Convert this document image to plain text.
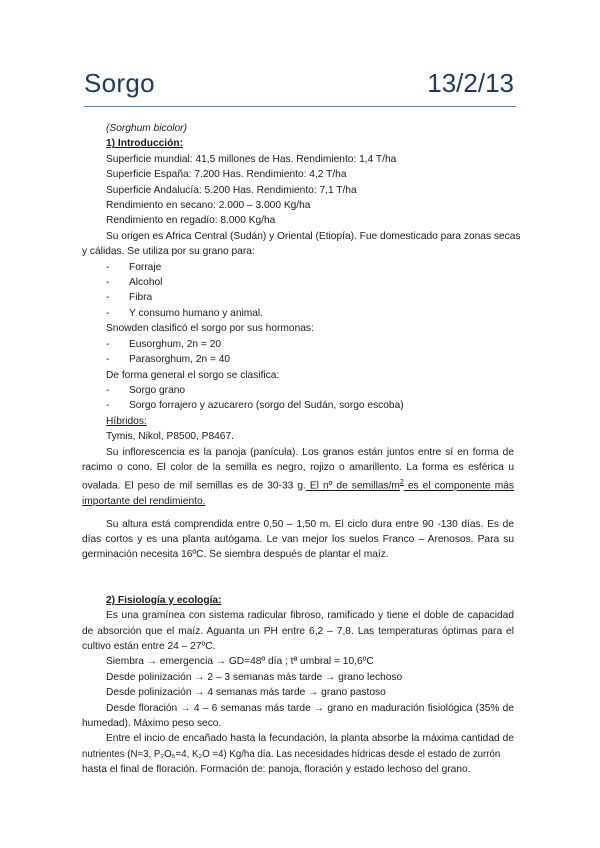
Sorgo	13/2/13
(Sorghum bicolor)
1) Introducción:
Superficie mundial: 41,5 millones de Has. Rendimiento: 1,4 T/ha
Superficie España: 7.200 Has. Rendimiento: 4,2 T/ha
Superficie Andalucía: 5.200 Has. Rendimiento: 7,1 T/ha
Rendimiento en secano: 2.000 – 3.000 Kg/ha
Rendimiento en regadío: 8.000 Kg/ha
Su origen es Africa Central (Sudán) y Oriental (Etiopía). Fue domesticado para zonas secas
y cálidas. Se utiliza por su grano para:
- Forraje
- Alcohol
- Fibra
- Y consumo humano y animal.
Snowden clasificó el sorgo por sus hormonas:
- Eusorghum, 2n = 20
- Parasorghum, 2n = 40
De forma general el sorgo se clasifica:
- Sorgo grano
- Sorgo forrajero y azucarero (sorgo del Sudán, sorgo escoba)
Híbridos:
Tymis, Nikol, P8500, P8467.
Su inflorescencia es la panoja (panícula). Los granos están juntos entre sí en forma de
racimo o cono. El color de la semilla es negro, rojizo o amarillento. La forma es esférica u
ovalada. El peso de mil semillas es de 30-33 g. El nº de semillas/$m^2$ es el componente más
importante del rendimiento.
Su altura está comprendida entre 0,50 – 1,50 m. El ciclo dura entre 90 -130 días. Es de
días cortos y es una planta autógama. Le van mejor los suelos Franco – Arenosos. Para su
germinación necesita 16ºC. Se siembra después de plantar el maíz.
2) Fisiología y ecología:
Es una gramínea con sistema radicular fibroso, ramificado y tiene el doble de capacidad
de absorción que el maíz. Aguanta un PH entre 6,2 – 7,8. Las temperaturas óptimas para el
cultivo están entre 24 – 27ºC.
Siembra → emergencia → GD=48º día ; tª umbral = 10,6ºC
Desde polinización → 2 – 3 semanas más tarde → grano lechoso
Desde polinización → 4 semanas más tarde → grano pastoso
Desde floración → 4 – 6 semanas más tarde → grano en maduración fisiológica (35% de
humedad). Máximo peso seco.
Entre el incio de encañado hasta la fecundación, la planta absorbe la máxima cantidad de
nutrientes (N=3, P₂O₅=4, K₂O =4) Kg/ha día. Las necesidades hídricas desde el estado de zurrón
hasta el final de floración. Formación de: panoja, floración y estado lechoso del grano.
